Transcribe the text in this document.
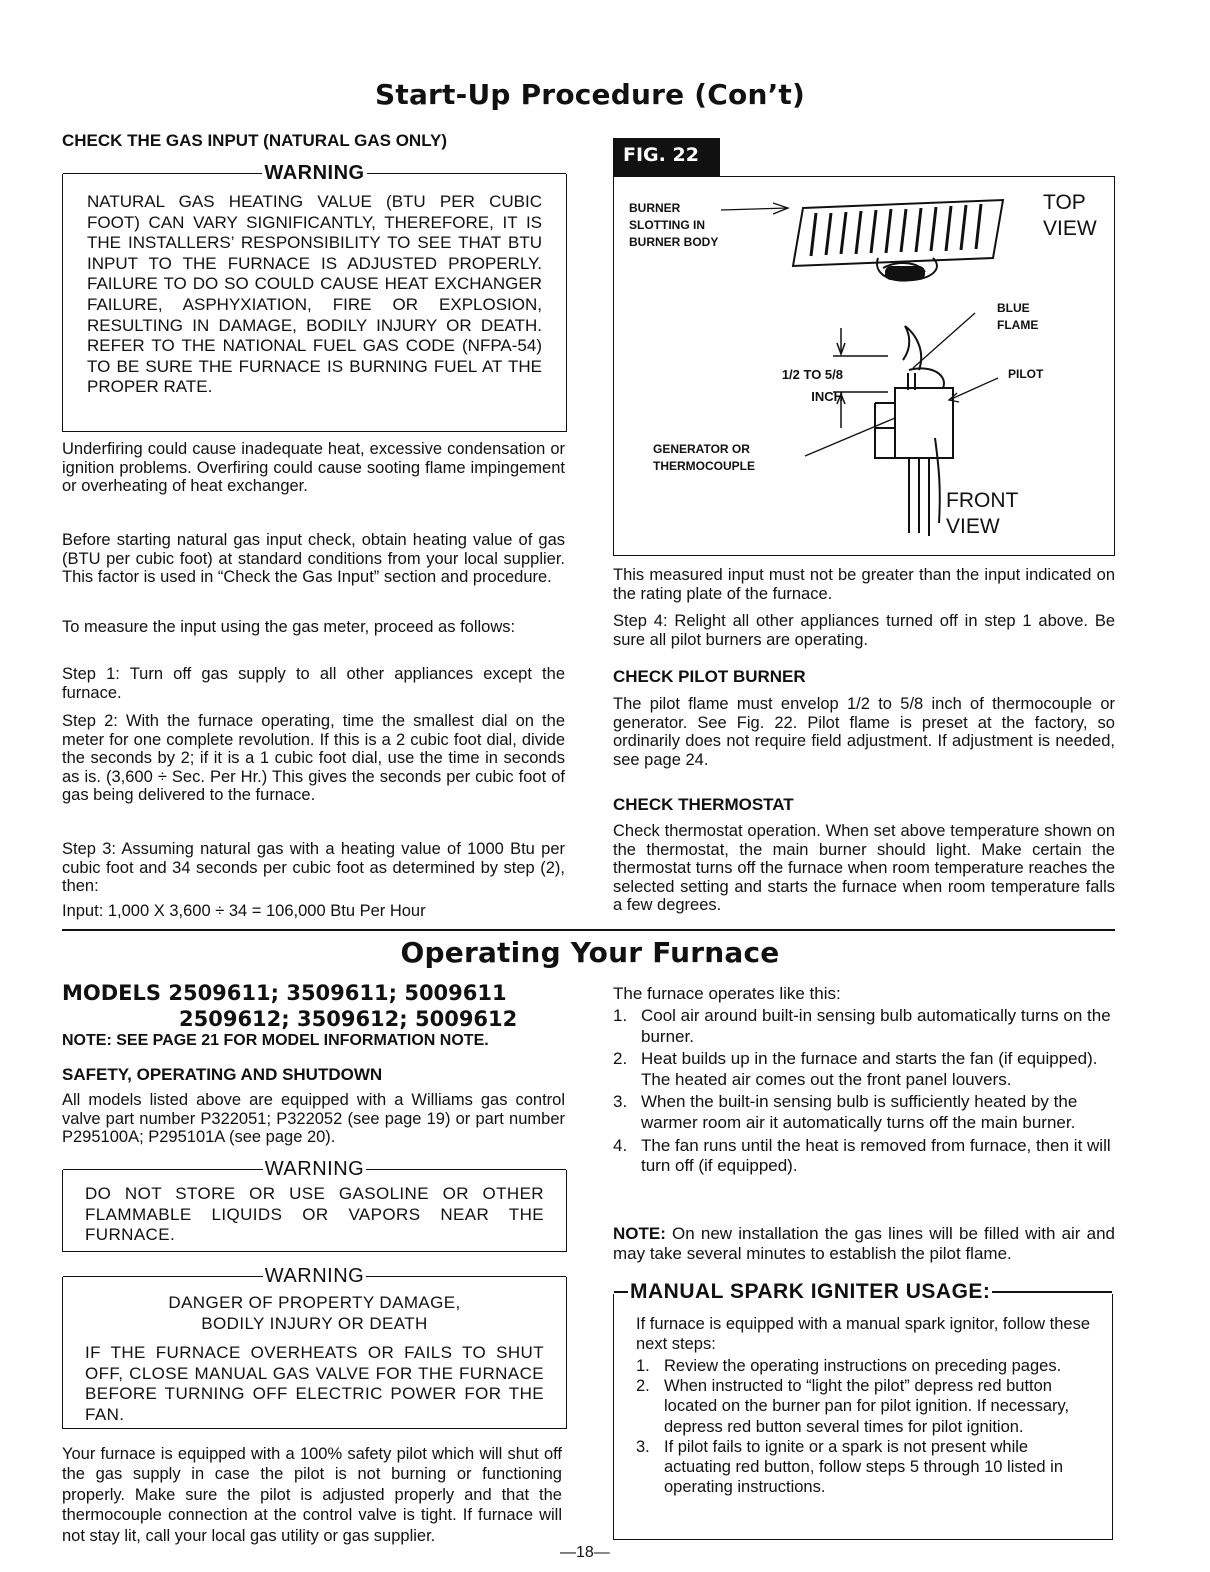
Start-Up Procedure (Con’t)
CHECK THE GAS INPUT (NATURAL GAS ONLY)
WARNING
NATURAL GAS HEATING VALUE (BTU PER CUBIC FOOT) CAN VARY SIGNIFICANTLY, THEREFORE, IT IS THE INSTALLERS’ RESPONSIBILITY TO SEE THAT BTU INPUT TO THE FURNACE IS ADJUSTED PROPERLY. FAILURE TO DO SO COULD CAUSE HEAT EXCHANGER FAILURE, ASPHYXIATION, FIRE OR EXPLOSION, RESULTING IN DAMAGE, BODILY INJURY OR DEATH. REFER TO THE NATIONAL FUEL GAS CODE (NFPA-54) TO BE SURE THE FURNACE IS BURNING FUEL AT THE PROPER RATE.
Underfiring could cause inadequate heat, excessive condensation or ignition problems. Overfiring could cause sooting flame impingement or overheating of heat exchanger.
Before starting natural gas input check, obtain heating value of gas (BTU per cubic foot) at standard conditions from your local supplier. This factor is used in “Check the Gas Input” section and procedure.
To measure the input using the gas meter, proceed as follows:
Step 1: Turn off gas supply to all other appliances except the furnace.
Step 2: With the furnace operating, time the smallest dial on the meter for one complete revolution. If this is a 2 cubic foot dial, divide the seconds by 2; if it is a 1 cubic foot dial, use the time in seconds as is. (3,600 ÷ Sec. Per Hr.) This gives the seconds per cubic foot of gas being delivered to the furnace.
Step 3: Assuming natural gas with a heating value of 1000 Btu per cubic foot and 34 seconds per cubic foot as determined by step (2), then:
Input: 1,000 X 3,600 ÷ 34 = 106,000 Btu Per Hour
FIG. 22
BURNER SLOTTING IN BURNER BODY
TOP VIEW
BLUE FLAME
PILOT
1/2 TO 5/8 INCH
GENERATOR OR THERMOCOUPLE
FRONT VIEW
This measured input must not be greater than the input indicated on the rating plate of the furnace.
Step 4: Relight all other appliances turned off in step 1 above. Be sure all pilot burners are operating.
CHECK PILOT BURNER
The pilot flame must envelop 1/2 to 5/8 inch of thermocouple or generator. See Fig. 22. Pilot flame is preset at the factory, so ordinarily does not require field adjustment. If adjustment is needed, see page 24.
CHECK THERMOSTAT
Check thermostat operation. When set above temperature shown on the thermostat, the main burner should light. Make certain the thermostat turns off the furnace when room temperature reaches the selected setting and starts the furnace when room temperature falls a few degrees.
Operating Your Furnace
MODELS 2509611; 3509611; 5009611
2509612; 3509612; 5009612
NOTE: SEE PAGE 21 FOR MODEL INFORMATION NOTE.
SAFETY, OPERATING AND SHUTDOWN
All models listed above are equipped with a Williams gas control valve part number P322051; P322052 (see page 19) or part number P295100A; P295101A (see page 20).
WARNING
DO NOT STORE OR USE GASOLINE OR OTHER FLAMMABLE LIQUIDS OR VAPORS NEAR THE FURNACE.
WARNING
DANGER OF PROPERTY DAMAGE,
BODILY INJURY OR DEATH
IF THE FURNACE OVERHEATS OR FAILS TO SHUT OFF, CLOSE MANUAL GAS VALVE FOR THE FURNACE BEFORE TURNING OFF ELECTRIC POWER FOR THE FAN.
Your furnace is equipped with a 100% safety pilot which will shut off the gas supply in case the pilot is not burning or functioning properly. Make sure the pilot is adjusted properly and that the thermocouple connection at the control valve is tight. If furnace will not stay lit, call your local gas utility or gas supplier.
The furnace operates like this:
1. Cool air around built-in sensing bulb automatically turns on the burner.
2. Heat builds up in the furnace and starts the fan (if equipped). The heated air comes out the front panel louvers.
3. When the built-in sensing bulb is sufficiently heated by the warmer room air it automatically turns off the main burner.
4. The fan runs until the heat is removed from furnace, then it will turn off (if equipped).
NOTE: On new installation the gas lines will be filled with air and may take several minutes to establish the pilot flame.
MANUAL SPARK IGNITER USAGE:
If furnace is equipped with a manual spark ignitor, follow these next steps:
1. Review the operating instructions on preceding pages.
2. When instructed to “light the pilot” depress red button located on the burner pan for pilot ignition. If necessary, depress red button several times for pilot ignition.
3. If pilot fails to ignite or a spark is not present while actuating red button, follow steps 5 through 10 listed in operating instructions.
—18—
